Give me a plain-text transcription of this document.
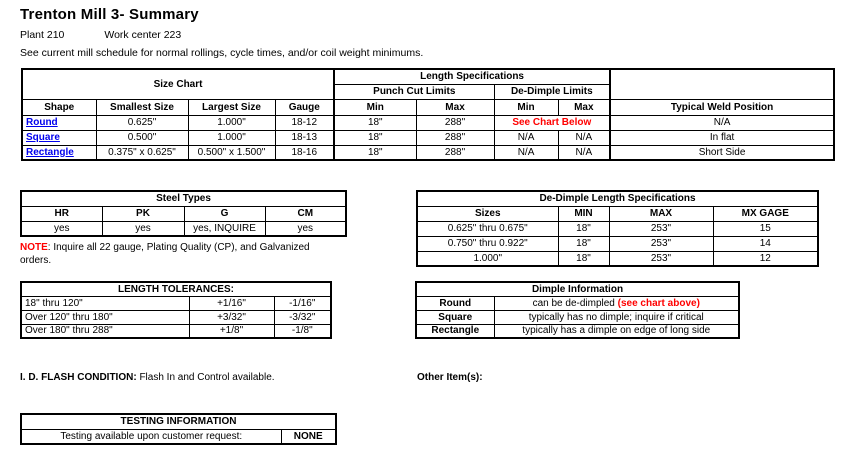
Trenton Mill 3- Summary
Plant 210	Work center 223
See current mill schedule for normal rollings, cycle times, and/or coil weight minimums.
Size Chart				Length Specifications				
				Punch Cut Limits		De-Dimple Limits		
Shape	Smallest Size	Largest Size	Gauge	Min	Max	Min	Max	Typical Weld Position
Round	0.625"	1.000"	18-12	18"	288"	See Chart Below		N/A
Square	0.500"	1.000"	18-13	18"	288"	N/A	N/A	In flat
Rectangle	0.375" x 0.625"	0.500" x 1.500"	18-16	18"	288"	N/A	N/A	Short Side
Steel Types			
HR	PK	G	CM
yes	yes	yes, INQUIRE	yes
NOTE: Inquire all 22 gauge, Plating Quality (CP), and Galvanized orders.
De-Dimple Length Specifications			
Sizes	MIN	MAX	MX GAGE
0.625" thru 0.675"	18"	253"	15
0.750" thru 0.922"	18"	253"	14
1.000"	18"	253"	12
LENGTH TOLERANCES:		
18" thru 120"	+1/16"	-1/16"
Over 120" thru 180"	+3/32"	-3/32"
Over 180" thru 288"	+1/8"	-1/8"
Dimple Information	
Round	can be de-dimpled (see chart above)
Square	typically has no dimple; inquire if critical
Rectangle	typically has a dimple on edge of long side
I. D. FLASH CONDITION: Flash In and Control available.	Other Item(s):
TESTING INFORMATION
Testing available upon customer request:	NONE
